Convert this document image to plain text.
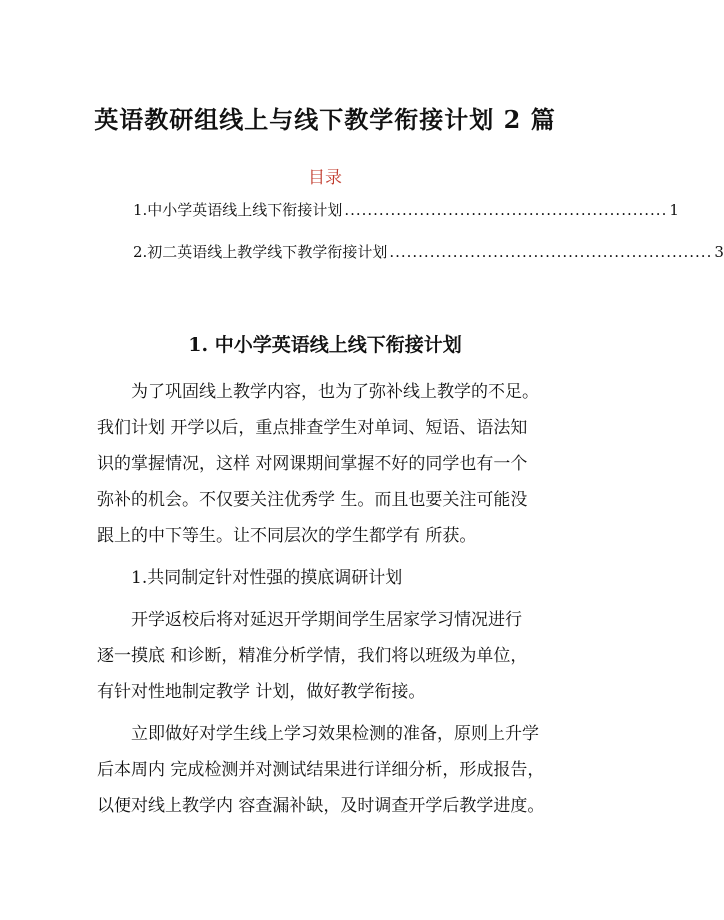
英语教研组线上与线下教学衔接计划 2 篇
目录
1.中小学英语线上线下衔接计划 ........................................................ 1
2.初二英语线上教学线下教学衔接计划 ........................................................ 3
1. 中小学英语线上线下衔接计划
为了巩固线上教学内容，也为了弥补线上教学的不足。
我们计划 开学以后，重点排查学生对单词、短语、语法知
识的掌握情况，这样 对网课期间掌握不好的同学也有一个
弥补的机会。不仅要关注优秀学 生。而且也要关注可能没
跟上的中下等生。让不同层次的学生都学有 所获。
1.共同制定针对性强的摸底调研计划
开学返校后将对延迟开学期间学生居家学习情况进行
逐一摸底 和诊断，精准分析学情，我们将以班级为单位，
有针对性地制定教学 计划，做好教学衔接。
立即做好对学生线上学习效果检测的准备，原则上升学
后本周内 完成检测并对测试结果进行详细分析，形成报告，
以便对线上教学内 容查漏补缺，及时调查开学后教学进度。
